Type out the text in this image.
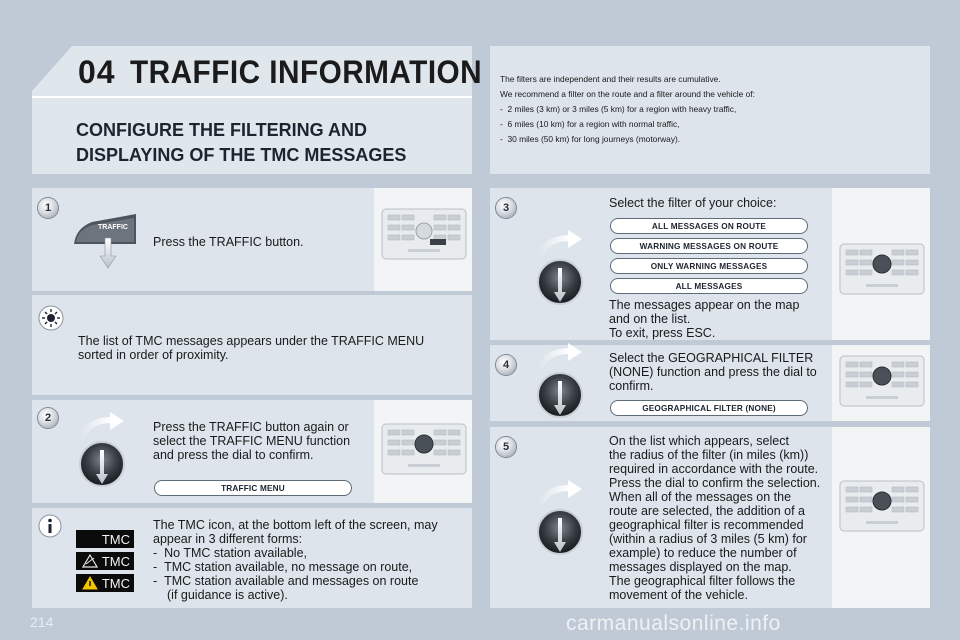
04 TRAFFIC INFORMATION
CONFIGURE THE FILTERING AND
DISPLAYING OF THE TMC MESSAGES
The filters are independent and their results are cumulative.
We recommend a filter on the route and a filter around the vehicle of:
-  2 miles (3 km) or 3 miles (5 km) for a region with heavy traffic,
-  6 miles (10 km) for a region with normal traffic,
-  30 miles (50 km) for long journeys (motorway).
1
TRAFFIC
Press the TRAFFIC button.
The list of TMC messages appears under the TRAFFIC MENU
sorted in order of proximity.
2
Press the TRAFFIC button again or
select the TRAFFIC MENU function
and press the dial to confirm.
TRAFFIC MENU
TMC
TMC
TMC
The TMC icon, at the bottom left of the screen, may
appear in 3 different forms:
-  No TMC station available,
-  TMC station available, no message on route,
-  TMC station available and messages on route
(if guidance is active).
3	Select the filter of your choice:
ALL MESSAGES ON ROUTE
WARNING MESSAGES ON ROUTE
ONLY WARNING MESSAGES
ALL MESSAGES
The messages appear on the map
and on the list.
To exit, press ESC.
4	Select the GEOGRAPHICAL FILTER
(NONE) function and press the dial to
confirm.
GEOGRAPHICAL FILTER (NONE)
5	On the list which appears, select
the radius of the filter (in miles (km))
required in accordance with the route.
Press the dial to confirm the selection.
When all of the messages on the
route are selected, the addition of a
geographical filter is recommended
(within a radius of 3 miles (5 km) for
example) to reduce the number of
messages displayed on the map.
The geographical filter follows the
movement of the vehicle.
214	carmanualsonline.info
